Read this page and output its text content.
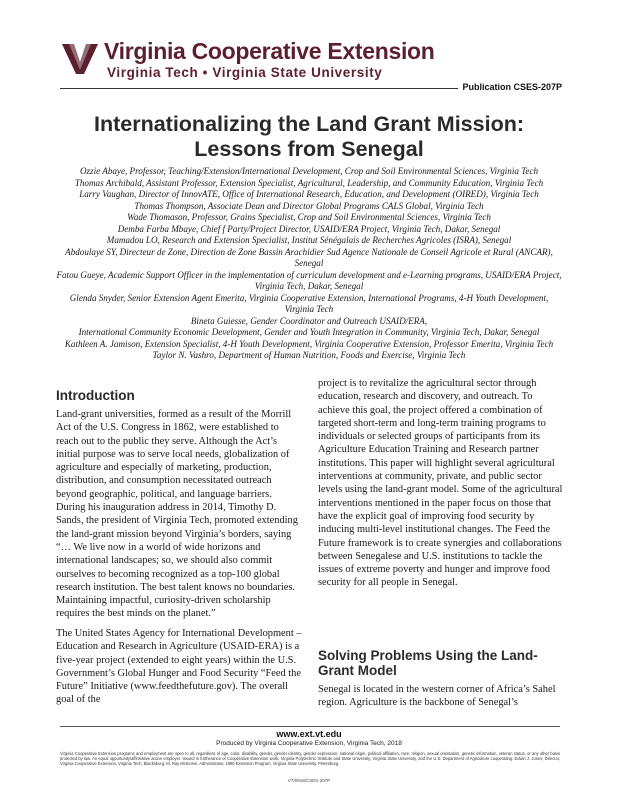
Virginia Cooperative Extension
Virginia Tech • Virginia State University
Publication CSES-207P
Internationalizing the Land Grant Mission:
Lessons from Senegal
Ozzie Abaye, Professor, Teaching/Extension/International Development, Crop and Soil Environmental Sciences, Virginia Tech
Thomas Archibald, Assistant Professor, Extension Specialist, Agricultural, Leadership, and Community Education, Virginia Tech
Larry Vaughan, Director of InnovATE, Office of International Research, Education, and Development (OIRED), Virginia Tech
Thomas Thompson, Associate Dean and Director Global Programs CALS Global, Virginia Tech
Wade Thomason, Professor, Grains Specialist, Crop and Soil Environmental Sciences, Virginia Tech
Demba Farba Mbaye, Chief f Party/Project Director, USAID/ERA Project, Virginia Tech, Dakar, Senegal
Mamadou LO, Research and Extension Specialist, Institut Sénégalais de Recherches Agricoles (ISRA), Senegal
Abdoulaye SY, Directeur de Zone, Direction de Zone Bassin Arachidier Sud Agence Nationale de Conseil Agricole et Rural (ANCAR), Senegal
Fatou Gueye, Academic Support Officer in the implementation of curriculum development and e-Learning programs, USAID/ERA Project, Virginia Tech, Dakar, Senegal
Glenda Snyder, Senior Extension Agent Emerita, Virginia Cooperative Extension, International Programs, 4-H Youth Development, Virginia Tech
Bineta Guiesse, Gender Coordinator and Outreach USAID/ERA,
International Community Economic Development, Gender and Youth Integration in Community, Virginia Tech, Dakar, Senegal
Kathleen A. Jamison, Extension Specialist, 4-H Youth Development, Virginia Cooperative Extension, Professor Emerita, Virginia Tech
Taylor N. Vashro, Department of Human Nutrition, Foods and Exercise, Virginia Tech
Introduction
Land-grant universities, formed as a result of the Morrill Act of the U.S. Congress in 1862, were established to reach out to the public they serve. Although the Act’s initial purpose was to serve local needs, globalization of agriculture and especially of marketing, production, distribution, and consumption necessitated outreach beyond geographic, political, and language barriers. During his inauguration address in 2014, Timothy D. Sands, the president of Virginia Tech, promoted extending the land-grant mission beyond Virginia’s borders, saying “… We live now in a world of wide horizons and international landscapes; so, we should also commit ourselves to becoming recognized as a top-100 global research institution. The best talent knows no boundaries. Maintaining impactful, curiosity-driven scholarship requires the best minds on the planet.”
The United States Agency for International Development – Education and Research in Agriculture (USAID-ERA) is a five-year project (extended to eight years) within the U.S. Government’s Global Hunger and Food Security “Feed the Future” Initiative (www.feedthefuture.gov). The overall goal of the
project is to revitalize the agricultural sector through education, research and discovery, and outreach. To achieve this goal, the project offered a combination of targeted short-term and long-term training programs to individuals or selected groups of participants from its Agriculture Education Training and Research partner institutions. This paper will highlight several agricultural interventions at community, private, and public sector levels using the land-grant model. Some of the agricultural interventions mentioned in the paper focus on those that have the explicit goal of improving food security by inducing multi-level institutional changes. The Feed the Future framework is to create synergies and collaborations between Senegalese and U.S. institutions to tackle the issues of extreme poverty and hunger and improve food security for all people in Senegal.
Solving Problems Using the Land-Grant Model
Senegal is located in the western corner of Africa’s Sahel region. Agriculture is the backbone of Senegal’s
www.ext.vt.edu
Produced by Virginia Cooperative Extension, Virginia Tech, 2018
Virginia Cooperative Extension programs and employment are open to all, regardless of age, color, disability, gender, gender identity, gender expression, national origin, political affiliation, race, religion, sexual orientation, genetic information, veteran status, or any other basis protected by law. An equal opportunity/affirmative action employer. Issued in furtherance of Cooperative Extension work, Virginia Polytechnic Institute and State University, Virginia State University, and the U.S. Department of Agriculture cooperating. Edwin J. Jones, Director, Virginia Cooperative Extension, Virginia Tech, Blacksburg; M. Ray McKinnie, Administrator, 1890 Extension Program, Virginia State University, Petersburg.
VT/0918/CSES-207P
